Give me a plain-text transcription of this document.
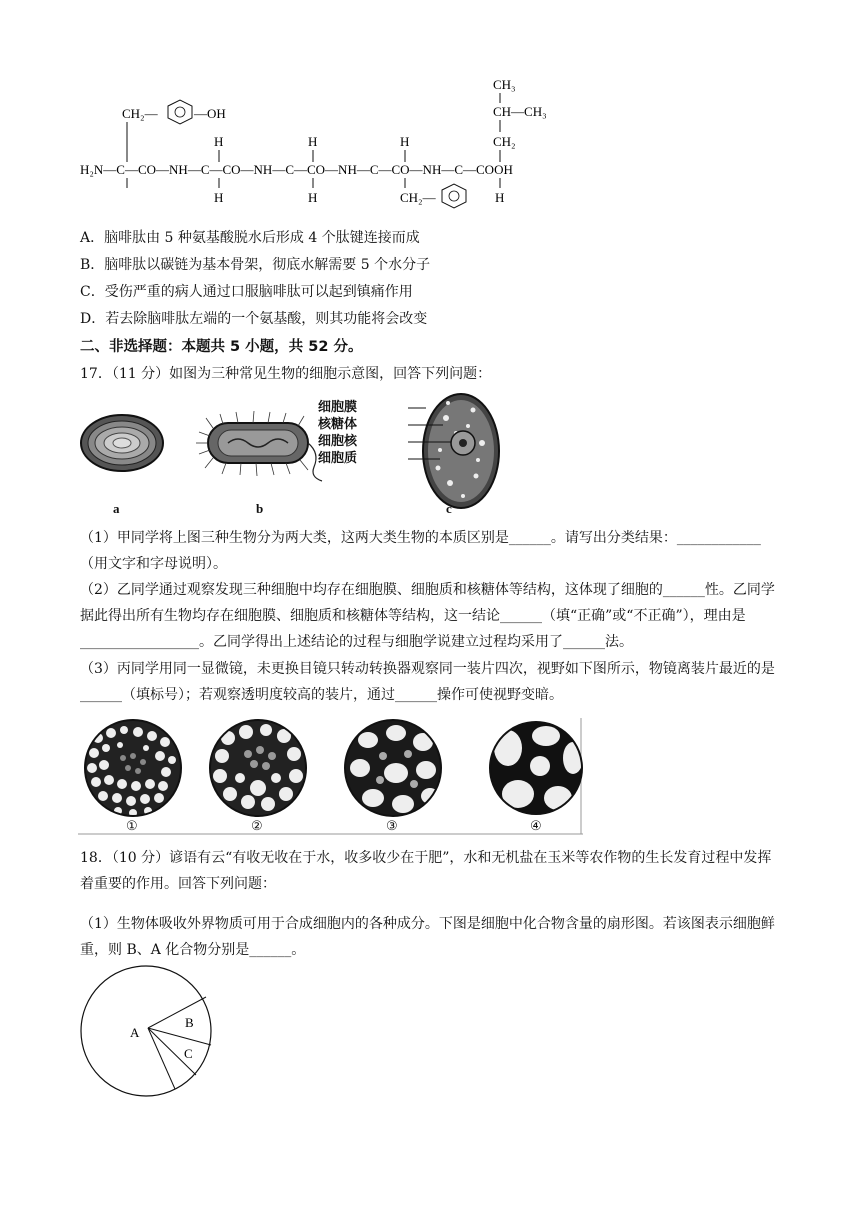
CH₃
CH—CH₃
CH₂
CH₂—	—OH
H	H	H
H₂N—C—CO—NH—C—CO—NH—C—CO—NH—C—CO—NH—C—COOH
H	H	CH₂—	H
A．脑啡肽由 5 种氨基酸脱水后形成 4 个肽键连接而成
B．脑啡肽以碳链为基本骨架，彻底水解需要 5 个水分子
C．受伤严重的病人通过口服脑啡肽可以起到镇痛作用
D．若去除脑啡肽左端的一个氨基酸，则其功能将会改变
二、非选择题：本题共 5 小题，共 52 分。
17．（11 分）如图为三种常见生物的细胞示意图，回答下列问题：
细胞膜
核糖体
细胞核
细胞质
a	b	c
（1）甲同学将上图三种生物分为两大类，这两大类生物的本质区别是______。请写出分类结果：____________（用文字和字母说明）。
（2）乙同学通过观察发现三种细胞中均存在细胞膜、细胞质和核糖体等结构，这体现了细胞的______性。乙同学据此得出所有生物均存在细胞膜、细胞质和核糖体等结构，这一结论______（填“正确”或“不正确”），理由是_________________。乙同学得出上述结论的过程与细胞学说建立过程均采用了______法。
（3）丙同学用同一显微镜，未更换目镜只转动转换器观察同一装片四次，视野如下图所示，物镜离装片最近的是______（填标号）；若观察透明度较高的装片，通过______操作可使视野变暗。
①	②	③	④
18．（10 分）谚语有云“有收无收在于水，收多收少在于肥”，水和无机盐在玉米等农作物的生长发育过程中发挥着重要的作用。回答下列问题：
（1）生物体吸收外界物质可用于合成细胞内的各种成分。下图是细胞中化合物含量的扇形图。若该图表示细胞鲜重，则 B、A 化合物分别是______。
A
B
C
